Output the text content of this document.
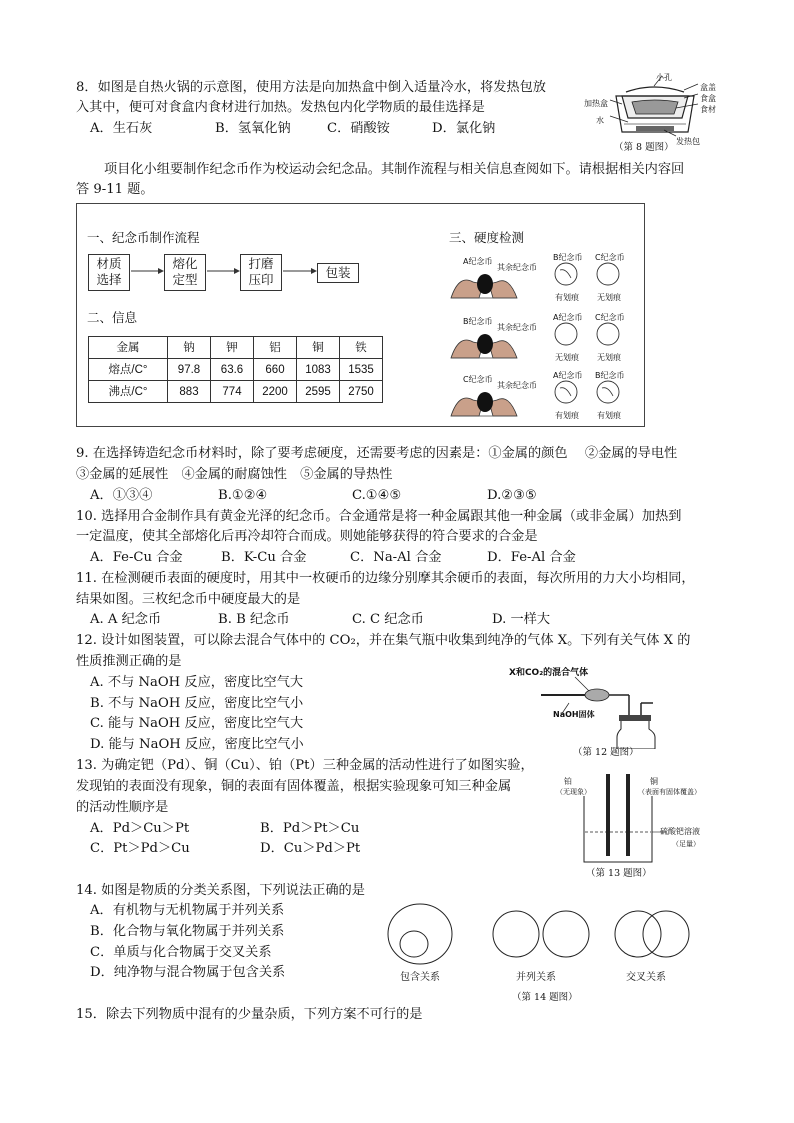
8．如图是自热火锅的示意图，使用方法是向加热盒中倒入适量冷水，将发热包放
入其中，便可对食盒内食材进行加热。发热包内化学物质的最佳选择是
A．生石灰	B．氢氧化钠	C．硝酸铵	D．氯化钠
小孔
盒盖
食盒
食材
加热盒
水
发热包
（第 8 题图）
项目化小组要制作纪念币作为校运动会纪念品。其制作流程与相关信息查阅如下。请根据相关内容回
答 9-11 题。
一、纪念币制作流程
材质
选择
熔化
定型
打磨
压印	包装
二、信息
金属	钠	钾	铝	铜	铁
熔点/C°	97.8	63.6	660	1083	1535
沸点/C°	883	774	2200	2595	2750
三、硬度检测
A纪念币
其余纪念币
B纪念币 C纪念币
有划痕 无划痕
B纪念币
其余纪念币
A纪念币 C纪念币
无划痕 无划痕
C纪念币
其余纪念币
A纪念币 B纪念币
有划痕 有划痕
9. 在选择铸造纪念币材料时，除了要考虑硬度，还需要考虑的因素是：①金属的颜色　 ②金属的导电性
③金属的延展性　④金属的耐腐蚀性　⑤金属的导热性
A．①③④	B.①②④	C.①④⑤	D.②③⑤
10. 选择用合金制作具有黄金光泽的纪念币。合金通常是将一种金属跟其他一种金属（或非金属）加热到
一定温度，使其全部熔化后再冷却符合而成。则她能够获得的符合要求的合金是
A．Fe-Cu 合金	B．K-Cu 合金	C．Na-Al 合金	D．Fe-Al 合金
11. 在检测硬币表面的硬度时，用其中一枚硬币的边缘分别摩其余硬币的表面，每次所用的力大小均相同，
结果如图。三枚纪念币中硬度最大的是
A. A 纪念币	B. B 纪念币	C. C 纪念币	D. 一样大
12. 设计如图装置，可以除去混合气体中的 CO₂，并在集气瓶中收集到纯净的气体 X。下列有关气体 X 的
性质推测正确的是
A. 不与 NaOH 反应，密度比空气大
B. 不与 NaOH 反应，密度比空气小
C. 能与 NaOH 反应，密度比空气大
D. 能与 NaOH 反应，密度比空气小
X和CO₂的混合气体
NaOH固体
（第 12 题图）
13. 为确定钯（Pd）、铜（Cu）、铂（Pt）三种金属的活动性进行了如图实验，
发现铂的表面没有现象，铜的表面有固体覆盖，根据实验现象可知三种金属
的活动性顺序是
A．Pd＞Cu＞Pt	B．Pd＞Pt＞Cu
C．Pt＞Pd＞Cu	D．Cu＞Pd＞Pt
铂
（无现象）
铜
（表面有固体覆盖）
硫酸钯溶液
（足量）
（第 13 题图）
14. 如图是物质的分类关系图，下列说法正确的是
A．有机物与无机物属于并列关系
B．化合物与氧化物属于并列关系
C．单质与化合物属于交叉关系
D．纯净物与混合物属于包含关系	包含关系	并列关系	交叉关系
（第 14 题图）
15．除去下列物质中混有的少量杂质，下列方案不可行的是
